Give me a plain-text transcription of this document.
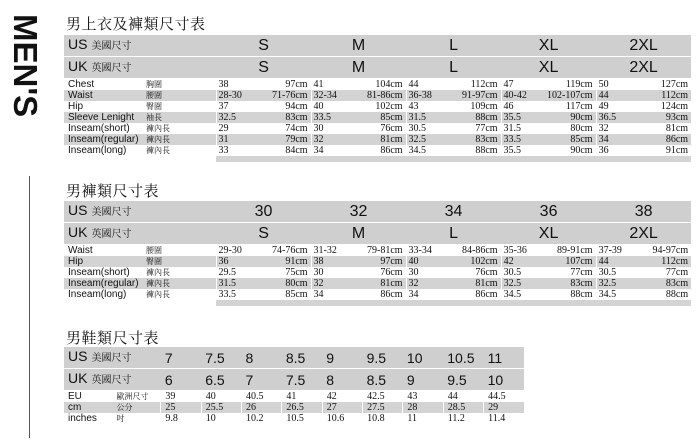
MEN'S 男上衣及褲類尺寸表
US 美國尺寸		S		M		L		XL		2XL	
UK 英國尺寸		S		M		L		XL		2XL	
Chest	胸圍	38	97cm	41	104cm	44	112cm	47	119cm	50	127cm
Waist	腰圍	28-30	71-76cm	32-34	81-86cm	36-38	91-97cm	40-42	102-107cm	44	112cm
Hip	臀圍	37	94cm	40	102cm	43	109cm	46	117cm	49	124cm
Sleeve Lenight	袖長	32.5	83cm	33.5	85cm	31.5	88cm	35.5	90cm	36.5	93cm
Inseam(short)	褲內長	29	74cm	30	76cm	30.5	77cm	31.5	80cm	32	81cm
Inseam(regular)	褲內長	31	79cm	32	81cm	32.5	83cm	33.5	85cm	34	86cm
Inseam(long)	褲內長	33	84cm	34	86cm	34.5	88cm	35.5	90cm	36	91cm

男褲類尺寸表
US 美國尺寸		30		32		34		36		38	
UK 英國尺寸		S		M		L		XL		2XL	
Waist	腰圍	29-30	74-76cm	31-32	79-81cm	33-34	84-86cm	35-36	89-91cm	37-39	94-97cm
Hip	臀圍	36	91cm	38	97cm	40	102cm	42	107cm	44	112cm
Inseam(short)	褲內長	29.5	75cm	30	76cm	30	76cm	30.5	77cm	30.5	77cm
Inseam(regular)	褲內長	31.5	80cm	32	81cm	32	81cm	32.5	83cm	32.5	83cm
Inseam(long)	褲內長	33.5	85cm	34	86cm	34	86cm	34.5	88cm	34.5	88cm

男鞋類尺寸表
US 美國尺寸		7	7.5	8	8.5	9	9.5	10	10.5	11
UK 英國尺寸		6	6.5	7	7.5	8	8.5	9	9.5	10
EU	歐洲尺寸	39	40	40.5	41	42	42.5	43	44	44.5
cm	公分	25	25.5	26	26.5	27	27.5	28	28.5	29
inches	吋	9.8	10	10.2	10.5	10.6	10.8	11	11.2	11.4
